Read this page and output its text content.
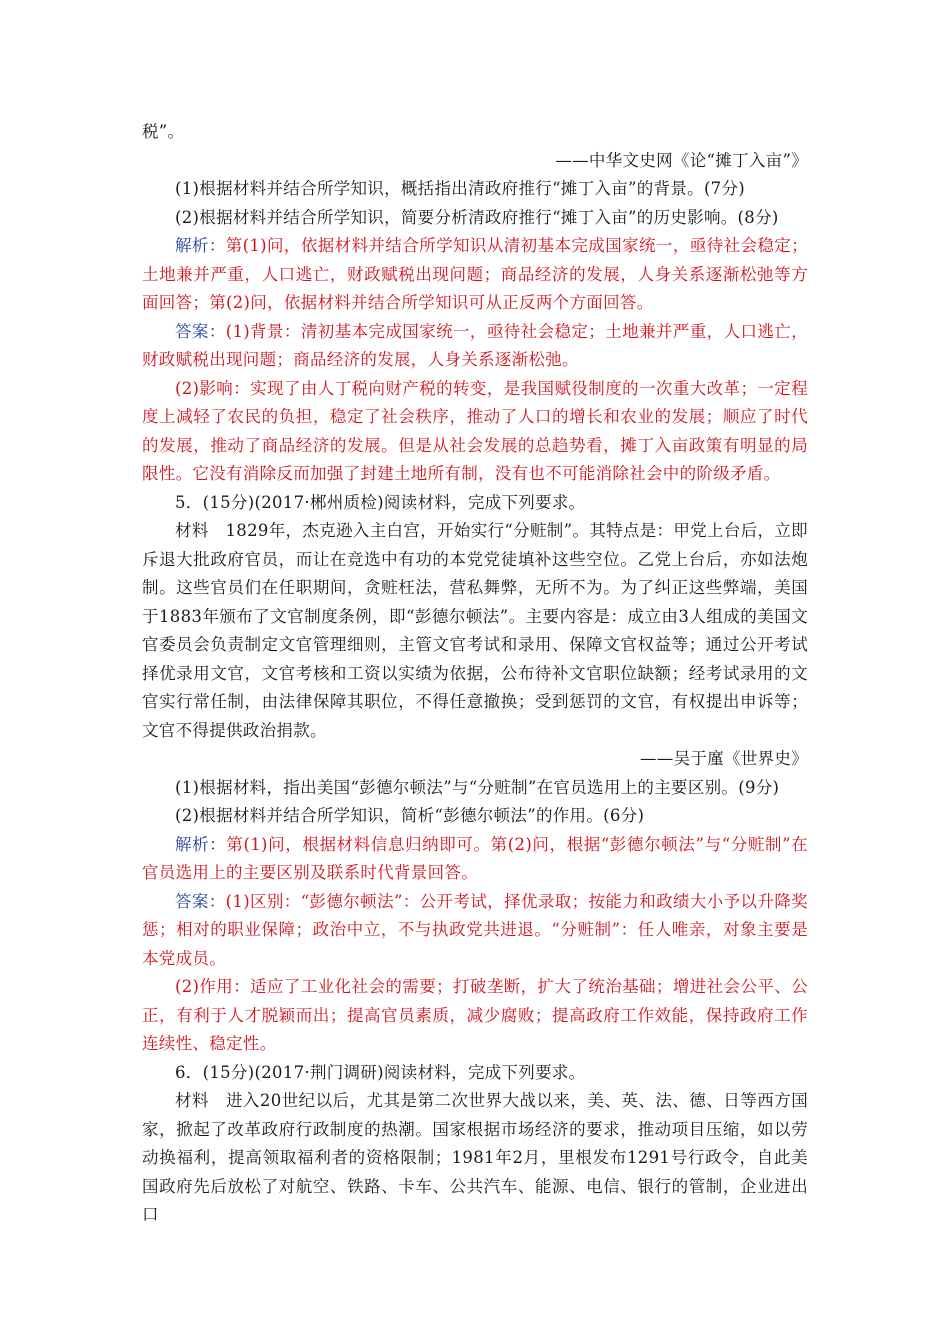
税”。

——中华文史网《论“摊丁入亩”》

(1)根据材料并结合所学知识，概括指出清政府推行“摊丁入亩”的背景。(7分)

(2)根据材料并结合所学知识，简要分析清政府推行“摊丁入亩”的历史影响。(8分)

解析：第(1)问，依据材料并结合所学知识从清初基本完成国家统一，亟待社会稳定；土地兼并严重，人口逃亡，财政赋税出现问题；商品经济的发展，人身关系逐渐松弛等方面回答；第(2)问，依据材料并结合所学知识可从正反两个方面回答。

答案：(1)背景：清初基本完成国家统一，亟待社会稳定；土地兼并严重，人口逃亡，财政赋税出现问题；商品经济的发展，人身关系逐渐松弛。

(2)影响：实现了由人丁税向财产税的转变，是我国赋役制度的一次重大改革；一定程度上减轻了农民的负担，稳定了社会秩序，推动了人口的增长和农业的发展；顺应了时代的发展，推动了商品经济的发展。但是从社会发展的总趋势看，摊丁入亩政策有明显的局限性。它没有消除反而加强了封建土地所有制，没有也不可能消除社会中的阶级矛盾。

5．(15分)(2017·郴州质检)阅读材料，完成下列要求。

材料　1829年，杰克逊入主白宫，开始实行“分赃制”。其特点是：甲党上台后，立即斥退大批政府官员，而让在竞选中有功的本党党徒填补这些空位。乙党上台后，亦如法炮制。这些官员们在任职期间，贪赃枉法，营私舞弊，无所不为。为了纠正这些弊端，美国于1883年颁布了文官制度条例，即“彭德尔顿法”。主要内容是：成立由3人组成的美国文官委员会负责制定文官管理细则，主管文官考试和录用、保障文官权益等；通过公开考试择优录用文官，文官考核和工资以实绩为依据，公布待补文官职位缺额；经考试录用的文官实行常任制，由法律保障其职位，不得任意撤换；受到惩罚的文官，有权提出申诉等；文官不得提供政治捐款。

——吴于廑《世界史》

(1)根据材料，指出美国“彭德尔顿法”与“分赃制”在官员选用上的主要区别。(9分)

(2)根据材料并结合所学知识，简析“彭德尔顿法”的作用。(6分)

解析：第(1)问，根据材料信息归纳即可。第(2)问，根据“彭德尔顿法”与“分赃制”在官员选用上的主要区别及联系时代背景回答。

答案：(1)区别：“彭德尔顿法”：公开考试，择优录取；按能力和政绩大小予以升降奖惩；相对的职业保障；政治中立，不与执政党共进退。“分赃制”：任人唯亲，对象主要是本党成员。

(2)作用：适应了工业化社会的需要；打破垄断，扩大了统治基础；增进社会公平、公正，有利于人才脱颖而出；提高官员素质，减少腐败；提高政府工作效能，保持政府工作连续性、稳定性。

6．(15分)(2017·荆门调研)阅读材料，完成下列要求。

材料　进入20世纪以后，尤其是第二次世界大战以来，美、英、法、德、日等西方国家，掀起了改革政府行政制度的热潮。国家根据市场经济的要求，推动项目压缩，如以劳动换福利，提高领取福利者的资格限制；1981年2月，里根发布1291号行政令，自此美国政府先后放松了对航空、铁路、卡车、公共汽车、能源、电信、银行的管制，企业进出口
